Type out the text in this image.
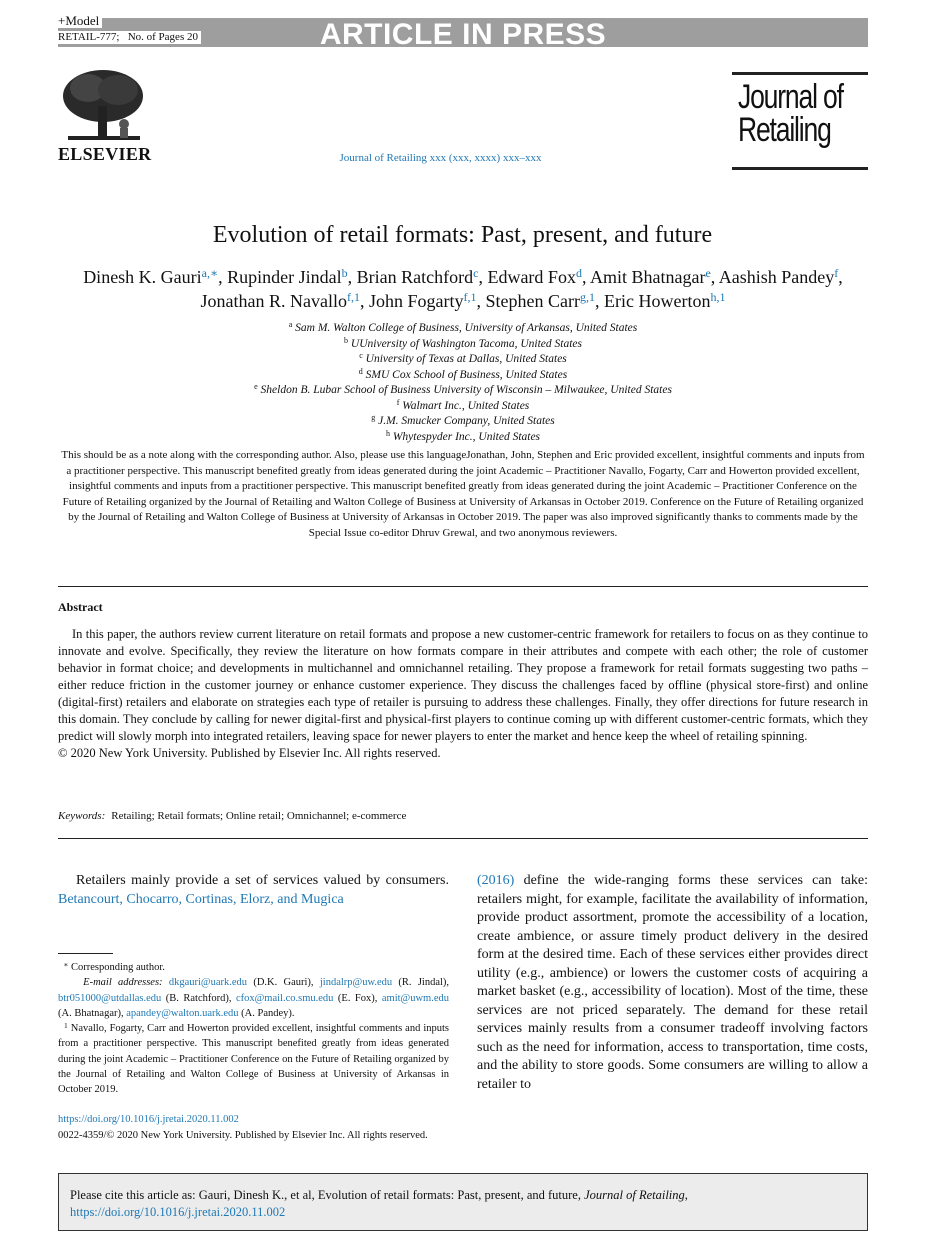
ARTICLE IN PRESS
+Model
RETAIL-777; No. of Pages 20
ELSEVIER	Journal of Retailing xxx (xxx, xxxx) xxx–xxx
Journal of
Retailing
Evolution of retail formats: Past, present, and future
Dinesh K. Gauri$^{a,∗}$, Rupinder Jindal$^b$, Brian Ratchford$^c$, Edward Fox$^d$, Amit Bhatnagar$^e$, Aashish Pandey$^f$, Jonathan R. Navallo$^{f,1}$, John Fogarty$^{f,1}$, Stephen Carr$^{g,1}$, Eric Howerton$^{h,1}$
$^a$ Sam M. Walton College of Business, University of Arkansas, United States
$^b$ UUniversity of Washington Tacoma, United States
$^c$ University of Texas at Dallas, United States
$^d$ SMU Cox School of Business, United States
$^e$ Sheldon B. Lubar School of Business University of Wisconsin – Milwaukee, United States
$^f$ Walmart Inc., United States
$^g$ J.M. Smucker Company, United States
$^h$ Whytespyder Inc., United States
This should be as a note along with the corresponding author. Also, please use this languageJonathan, John, Stephen and Eric provided excellent, insightful comments and inputs from a practitioner perspective. This manuscript benefited greatly from ideas generated during the joint Academic – Practitioner Navallo, Fogarty, Carr and Howerton provided excellent, insightful comments and inputs from a practitioner perspective. This manuscript benefited greatly from ideas generated during the joint Academic – Practitioner Conference on the Future of Retailing organized by the Journal of Retailing and Walton College of Business at University of Arkansas in October 2019. Conference on the Future of Retailing organized by the Journal of Retailing and Walton College of Business at University of Arkansas in October 2019. The paper was also improved significantly thanks to comments made by the Special Issue co-editor Dhruv Grewal, and two anonymous reviewers.
Abstract

In this paper, the authors review current literature on retail formats and propose a new customer-centric framework for retailers to focus on as they continue to innovate and evolve. Specifically, they review the literature on how formats compare in their attributes and compete with each other; the role of customer behavior in format choice; and developments in multichannel and omnichannel retailing. They propose a framework for retail formats suggesting two paths – either reduce friction in the customer journey or enhance customer experience. They discuss the challenges faced by offline (physical store-first) and online (digital-first) retailers and elaborate on strategies each type of retailer is pursuing to address these challenges. Finally, they offer directions for future research in this domain. They conclude by calling for newer digital-first and physical-first players to continue coming up with different customer-centric formats, which they predict will slowly morph into integrated retailers, leaving space for newer players to enter the market and hence keep the wheel of retailing spinning.

© 2020 New York University. Published by Elsevier Inc. All rights reserved.

Keywords: Retailing; Retail formats; Online retail; Omnichannel; e-commerce

Retailers mainly provide a set of services valued by consumers. Betancourt, Chocarro, Cortinas, Elorz, and Mugica

(2016) define the wide-ranging forms these services can take: retailers might, for example, facilitate the availability of information, provide product assortment, promote the accessibility of a location, create ambience, or assure timely product delivery in the desired form at the desired time. Each of these services either provides direct utility (e.g., ambience) or lowers the customer costs of acquiring a market basket (e.g., accessibility of location). Most of the time, these services are not priced separately. The demand for these retail services mainly results from a consumer tradeoff involving factors such as the need for information, access to transportation, time costs, and the ability to store goods. Some consumers are willing to allow a retailer to

∗ Corresponding author.

E-mail addresses: dkgauri@uark.edu (D.K. Gauri), jindalrp@uw.edu (R. Jindal), btr051000@utdallas.edu (B. Ratchford), cfox@mail.co.smu.edu (E. Fox), amit@uwm.edu (A. Bhatnagar), apandey@walton.uark.edu (A. Pandey).

$^1$ Navallo, Fogarty, Carr and Howerton provided excellent, insightful comments and inputs from a practitioner perspective. This manuscript benefited greatly from ideas generated during the joint Academic – Practitioner Conference on the Future of Retailing organized by the Journal of Retailing and Walton College of Business at University of Arkansas in October 2019.

https://doi.org/10.1016/j.jretai.2020.11.002
0022-4359/© 2020 New York University. Published by Elsevier Inc. All rights reserved.
Please cite this article as: Gauri, Dinesh K., et al, Evolution of retail formats: Past, present, and future, Journal of Retailing,
https://doi.org/10.1016/j.jretai.2020.11.002
